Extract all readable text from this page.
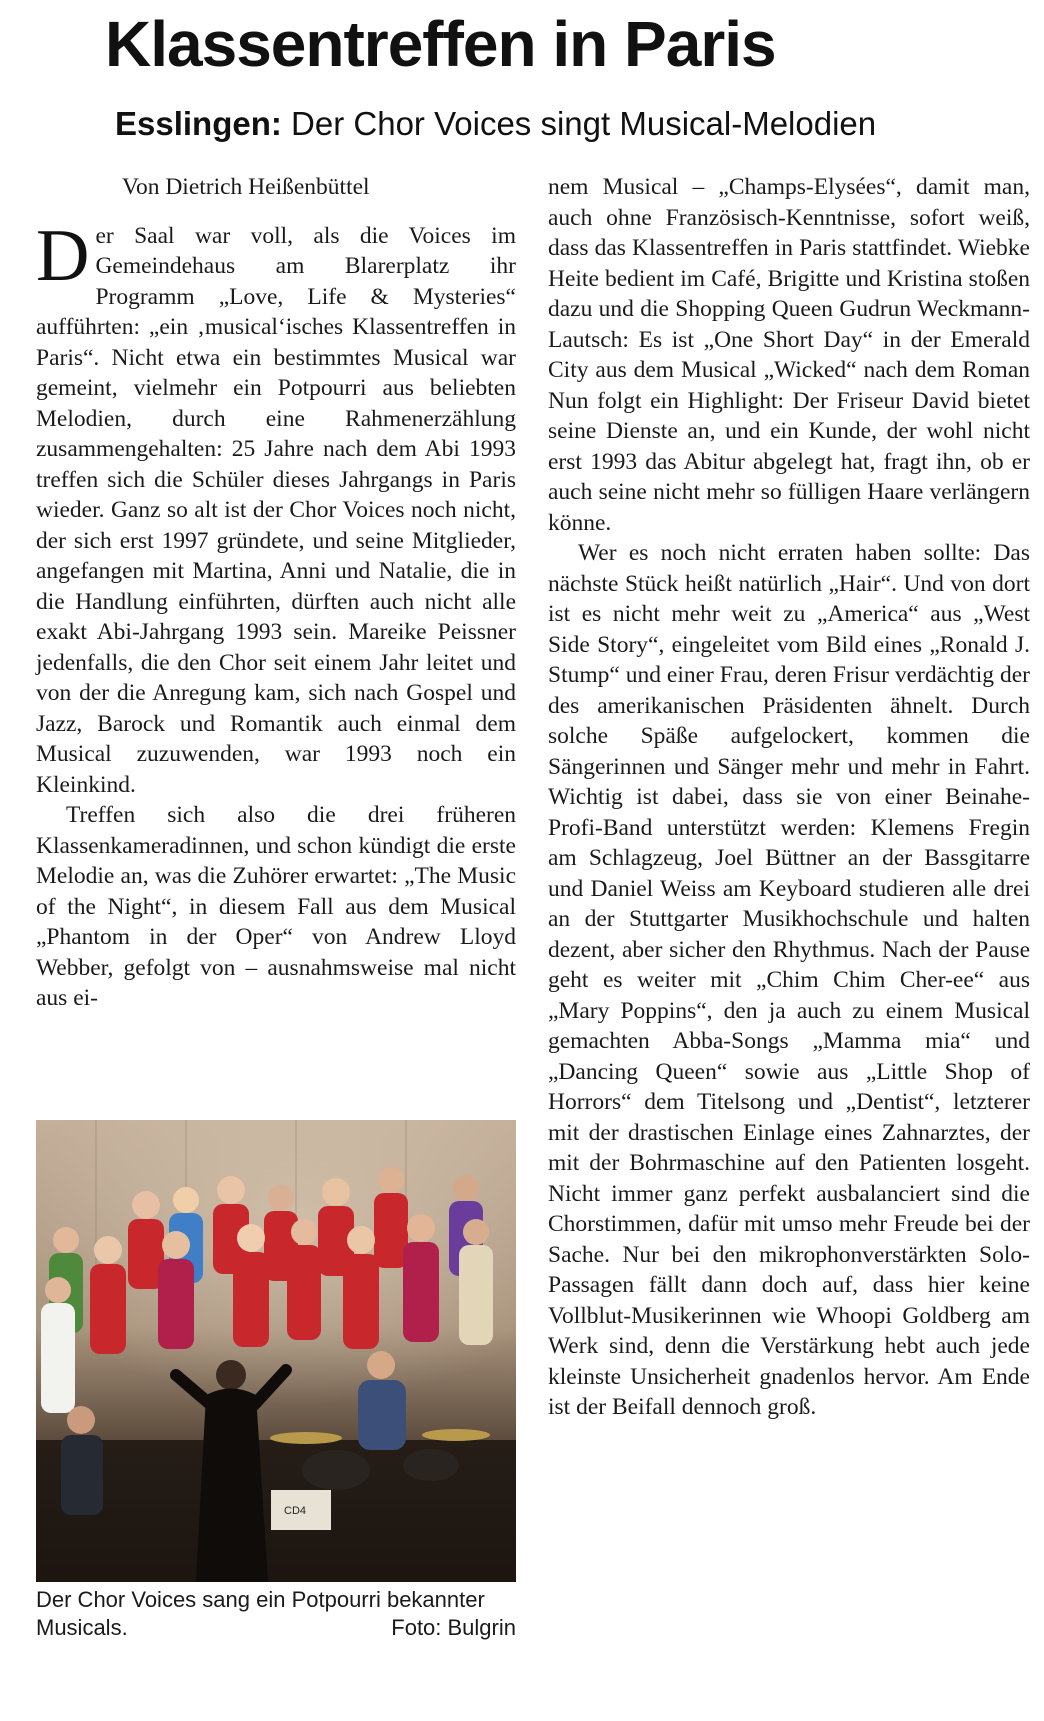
Klassentreffen in Paris
Esslingen: Der Chor Voices singt Musical-Melodien
Von Dietrich Heißenbüttel

Der Saal war voll, als die Voices im Gemeindehaus am Blarerplatz ihr Programm „Love, Life & Mysteries“ aufführten: „ein ‚musical‘isches Klassentreffen in Paris“. Nicht etwa ein bestimmtes Musical war gemeint, vielmehr ein Potpourri aus beliebten Melodien, durch eine Rahmenerzählung zusammengehalten: 25 Jahre nach dem Abi 1993 treffen sich die Schüler dieses Jahrgangs in Paris wieder. Ganz so alt ist der Chor Voices noch nicht, der sich erst 1997 gründete, und seine Mitglieder, angefangen mit Martina, Anni und Natalie, die in die Handlung einführten, dürften auch nicht alle exakt Abi-Jahrgang 1993 sein. Mareike Peissner jedenfalls, die den Chor seit einem Jahr leitet und von der die Anregung kam, sich nach Gospel und Jazz, Barock und Romantik auch einmal dem Musical zuzuwenden, war 1993 noch ein Kleinkind.

Treffen sich also die drei früheren Klassenkameradinnen, und schon kündigt die erste Melodie an, was die Zuhörer erwartet: „The Music of the Night“, in diesem Fall aus dem Musical „Phantom in der Oper“ von Andrew Lloyd Webber, gefolgt von – ausnahmsweise mal nicht aus ei-

CD4
Der Chor Voices sang ein Potpourri bekannter Musicals.	Foto: Bulgrin

nem Musical – „Champs-Elysées“, damit man, auch ohne Französisch-Kenntnisse, sofort weiß, dass das Klassentreffen in Paris stattfindet. Wiebke Heite bedient im Café, Brigitte und Kristina stoßen dazu und die Shopping Queen Gudrun Weckmann-Lautsch: Es ist „One Short Day“ in der Emerald City aus dem Musical „Wicked“ nach dem Roman Nun folgt ein Highlight: Der Friseur David bietet seine Dienste an, und ein Kunde, der wohl nicht erst 1993 das Abitur abgelegt hat, fragt ihn, ob er auch seine nicht mehr so fülligen Haare verlängern könne.

Wer es noch nicht erraten haben sollte: Das nächste Stück heißt natürlich „Hair“. Und von dort ist es nicht mehr weit zu „America“ aus „West Side Story“, eingeleitet vom Bild eines „Ronald J. Stump“ und einer Frau, deren Frisur verdächtig der des amerikanischen Präsidenten ähnelt. Durch solche Späße aufgelockert, kommen die Sängerinnen und Sänger mehr und mehr in Fahrt. Wichtig ist dabei, dass sie von einer Beinahe-Profi-Band unterstützt werden: Klemens Fregin am Schlagzeug, Joel Büttner an der Bassgitarre und Daniel Weiss am Keyboard studieren alle drei an der Stuttgarter Musikhochschule und halten dezent, aber sicher den Rhythmus. Nach der Pause geht es weiter mit „Chim Chim Cher-ee“ aus „Mary Poppins“, den ja auch zu einem Musical gemachten Abba-Songs „Mamma mia“ und „Dancing Queen“ sowie aus „Little Shop of Horrors“ dem Titelsong und „Dentist“, letzterer mit der drastischen Einlage eines Zahnarztes, der mit der Bohrmaschine auf den Patienten losgeht. Nicht immer ganz perfekt ausbalanciert sind die Chorstimmen, dafür mit umso mehr Freude bei der Sache. Nur bei den mikrophonverstärkten Solo-Passagen fällt dann doch auf, dass hier keine Vollblut-Musikerinnen wie Whoopi Goldberg am Werk sind, denn die Verstärkung hebt auch jede kleinste Unsicherheit gnadenlos hervor. Am Ende ist der Beifall dennoch groß.
